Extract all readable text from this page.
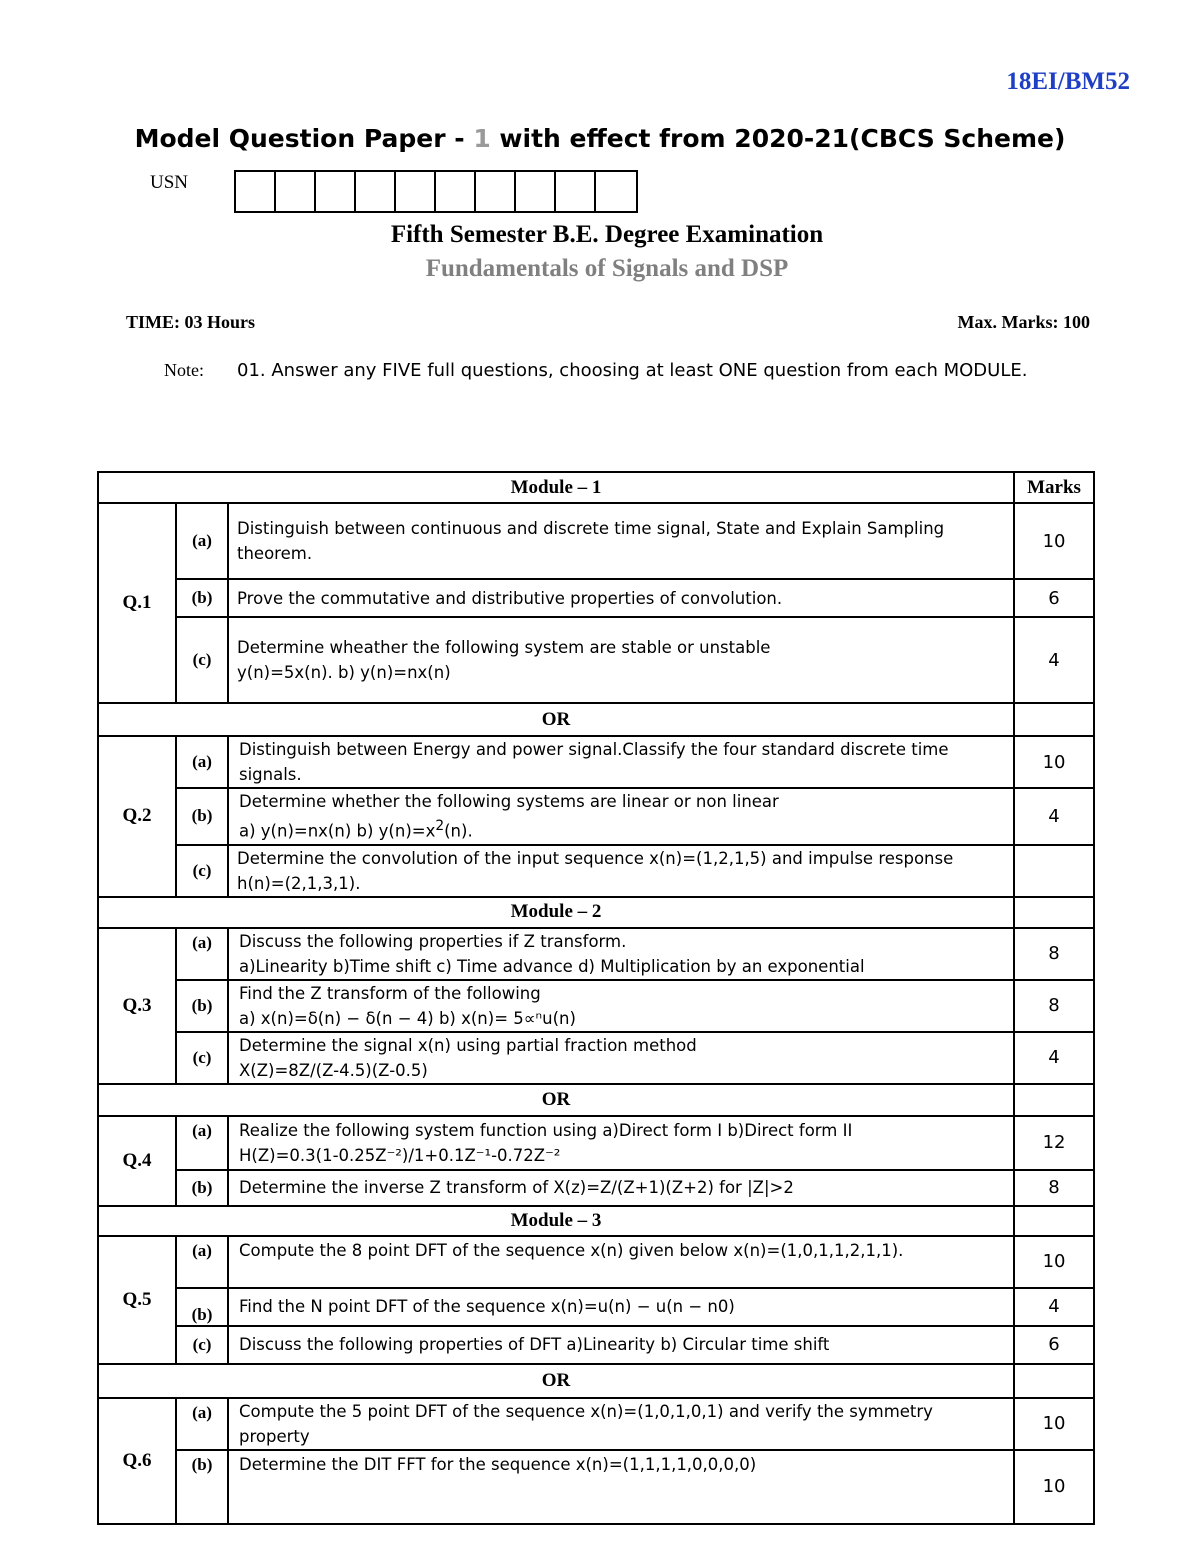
18EI/BM52
Model Question Paper - 1 with effect from 2020-21(CBCS Scheme)
USN
Fifth Semester B.E. Degree Examination
Fundamentals of Signals and DSP
TIME: 03 Hours	Max. Marks: 100
Note: 01. Answer any FIVE full questions, choosing at least ONE question from each MODULE.
Module – 1			Marks
Q.1	(a)	Distinguish between continuous and discrete time signal, State and Explain Sampling
theorem.	10
	(b)	Prove the commutative and distributive properties of convolution.	6
	(c)	Determine wheather the following system are stable or unstable
y(n)=5x(n). b) y(n)=nx(n)	4
OR			
Q.2	(a)	Distinguish between Energy and power signal.Classify the four standard discrete time
signals.	10
	(b)	Determine whether the following systems are linear or non linear
a) y(n)=nx(n) b) $y(n)=x^2(n)$.	4
	(c)	Determine the convolution of the input sequence x(n)=(1,2,1,5) and impulse response
h(n)=(2,1,3,1).	

Module – 2			
Q.3	(a)	Discuss the following properties if Z transform.
a)Linearity b)Time shift c) Time advance d) Multiplication by an exponential	8
	(b)	Find the Z transform of the following
a) x(n)=δ(n) − δ(n − 4) b) x(n)= 5∝ⁿu(n)	8
	(c)	Determine the signal x(n) using partial fraction method
X(Z)=8Z/(Z-4.5)(Z-0.5)	4
OR			
Q.4	(a)	Realize the following system function using a)Direct form I b)Direct form II
H(Z)=0.3(1-0.25Z⁻²)/1+0.1Z⁻¹-0.72Z⁻²	12
	(b)	Determine the inverse Z transform of X(z)=Z/(Z+1)(Z+2) for |Z|>2	8
Module – 3			
Q.5	(a)	Compute the 8 point DFT of the sequence x(n) given below x(n)=(1,0,1,1,2,1,1).	10
	(b)	Find the N point DFT of the sequence x(n)=u(n) − u(n − n0)	4
	(c)	Discuss the following properties of DFT a)Linearity b) Circular time shift	6
OR			
Q.6	(a)	Compute the 5 point DFT of the sequence x(n)=(1,0,1,0,1) and verify the symmetry
property	10
	(b)	Determine the DIT FFT for the sequence x(n)=(1,1,1,1,0,0,0,0)	10
